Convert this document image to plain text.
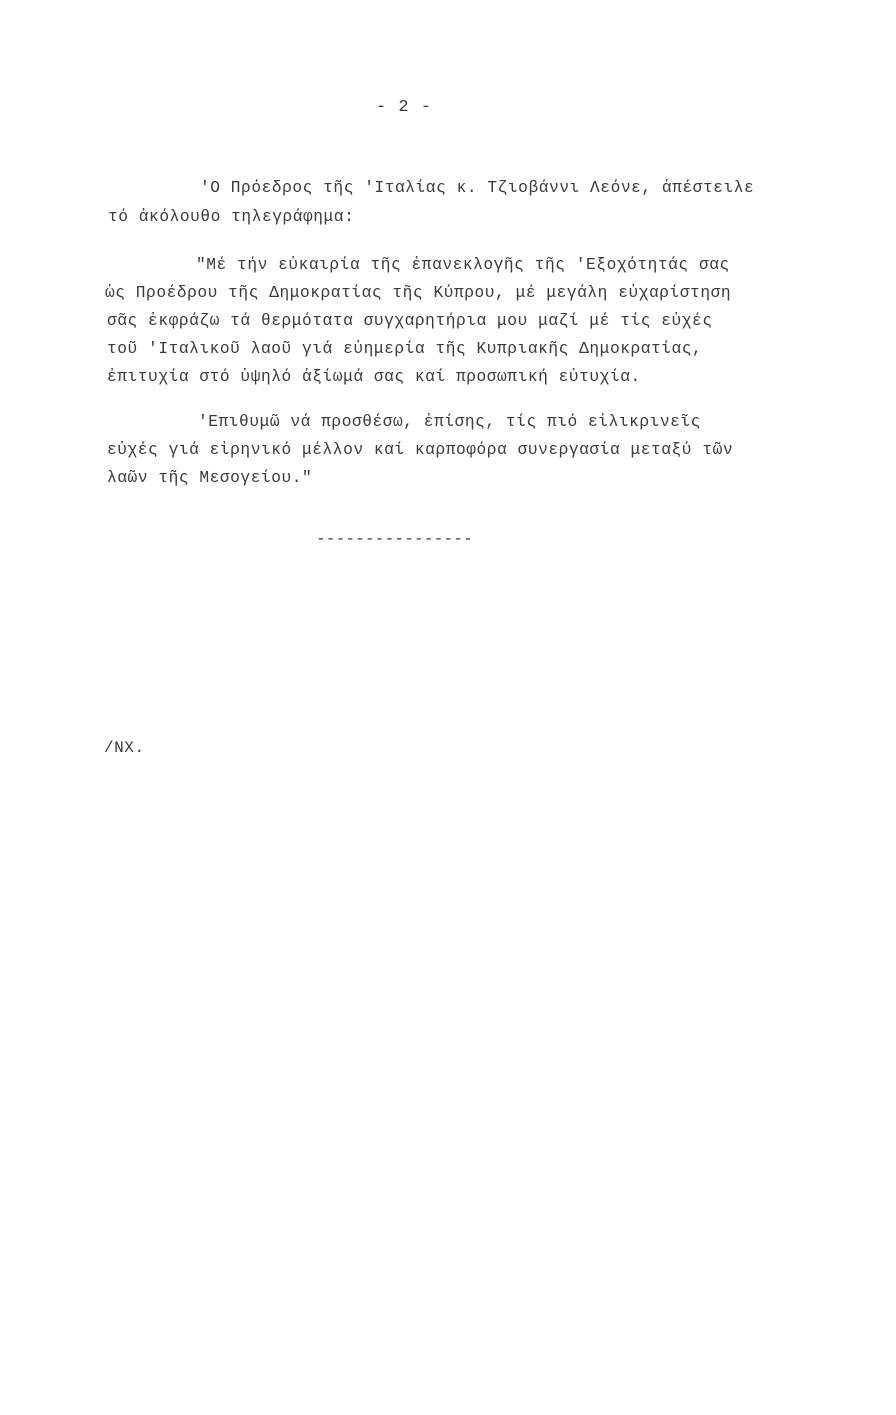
- 2 -
'Ο Πρόεδρος τῆς 'Ιταλίας κ. Τζιοβάννι Λεόνε, ἀπέστειλε
τό ἀκόλουθο τηλεγράφημα:
"Μέ τήν εὐκαιρία τῆς ἐπανεκλογῆς τῆς 'Εξοχότητάς σας
ὡς Προέδρου τῆς Δημοκρατίας τῆς Κύπρου, μέ μεγάλη εὐχαρίστηση
σᾶς ἐκφράζω τά θερμότατα συγχαρητήρια μου μαζί μέ τίς εὐχές
τοῦ 'Ιταλικοῦ λαοῦ γιά εὐημερία τῆς Κυπριακῆς Δημοκρατίας,
ἐπιτυχία στό ὑψηλό ἀξίωμά σας καί προσωπική εὐτυχία.
'Επιθυμῶ νά προσθέσω, ἐπίσης, τίς πιό εἰλικρινεῖς
εὐχές γιά εἰρηνικό μέλλον καί καρποφόρα συνεργασία μεταξύ τῶν
λαῶν τῆς Μεσογείου."
----------------
/NX.
